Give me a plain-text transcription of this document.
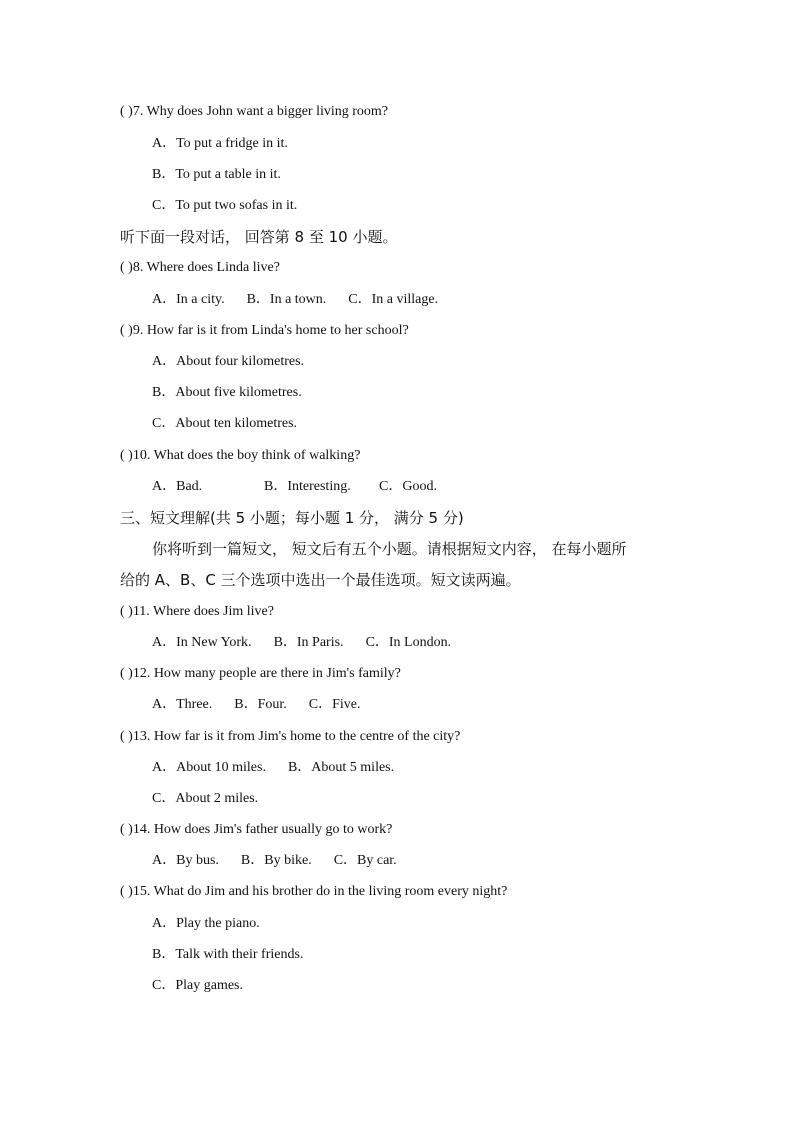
( )7. Why does John want a bigger living room?
A．To put a fridge in it.
B．To put a table in it.
C．To put two sofas in it.
听下面一段对话， 回答第 8 至 10 小题。
( )8. Where does Linda live?
A．In a city. B．In a town. C．In a village.
( )9. How far is it from Linda's home to her school?
A．About four kilometres.
B．About five kilometres.
C．About ten kilometres.
( )10. What does the boy think of walking?
A．Bad.	B．Interesting. C．Good.
三、短文理解(共 5 小题；每小题 1 分， 满分 5 分)
你将听到一篇短文， 短文后有五个小题。请根据短文内容， 在每小题所
给的 A、B、C 三个选项中选出一个最佳选项。短文读两遍。
( )11. Where does Jim live?
A．In New York. B．In Paris. C．In London.
( )12. How many people are there in Jim's family?
A．Three. B．Four. C．Five.
( )13. How far is it from Jim's home to the centre of the city?
A．About 10 miles. B．About 5 miles.
C．About 2 miles.
( )14. How does Jim's father usually go to work?
A．By bus. B．By bike. C．By car.
( )15. What do Jim and his brother do in the living room every night?
A．Play the piano.
B．Talk with their friends.
C．Play games.
